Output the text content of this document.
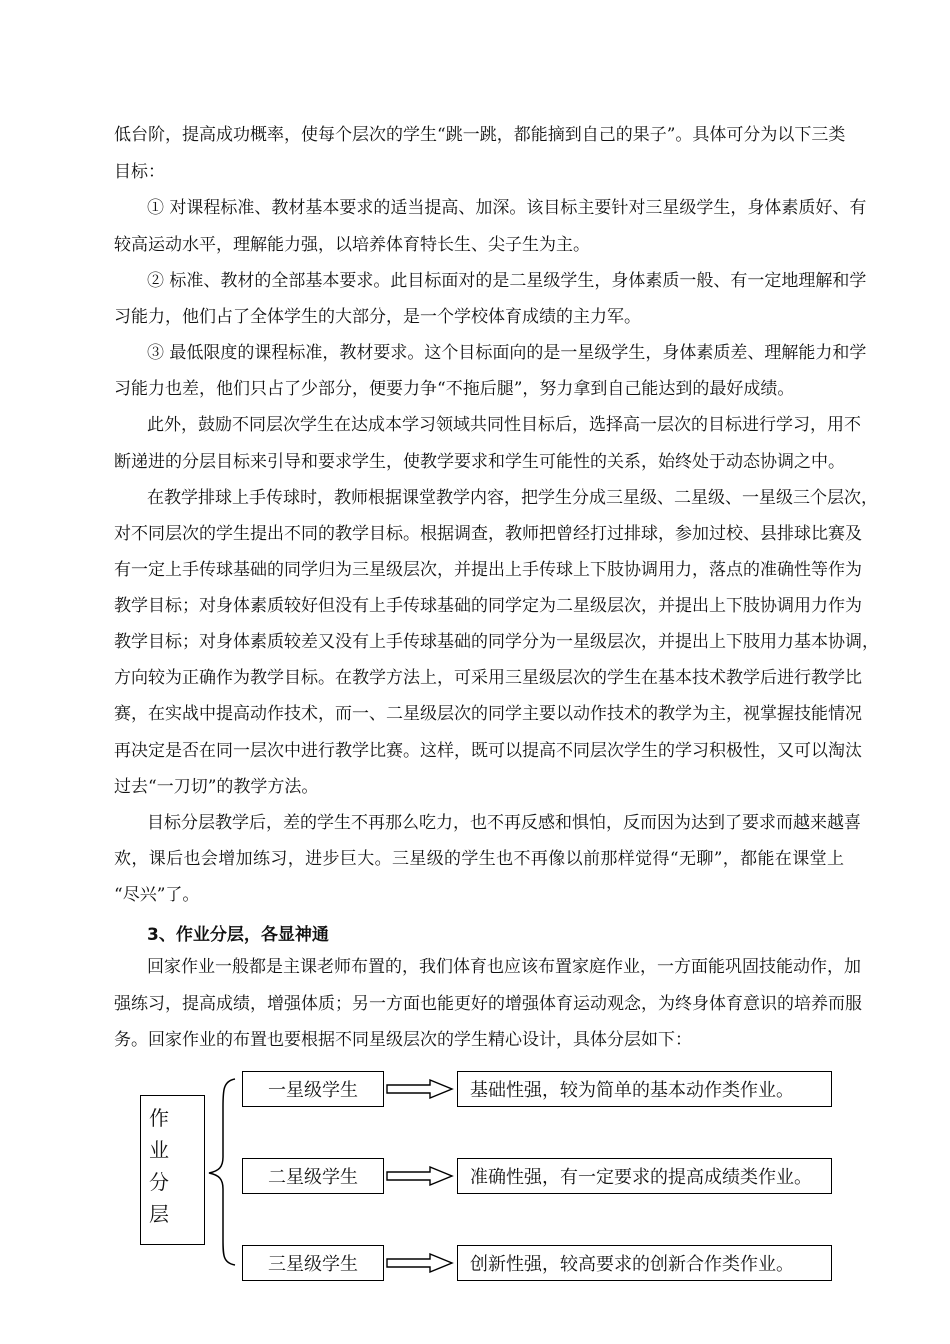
低台阶，提高成功概率，使每个层次的学生“跳一跳，都能摘到自己的果子”。具体可分为以下三类
目标：
① 对课程标准、教材基本要求的适当提高、加深。该目标主要针对三星级学生，身体素质好、有
较高运动水平，理解能力强，以培养体育特长生、尖子生为主。
② 标准、教材的全部基本要求。此目标面对的是二星级学生，身体素质一般、有一定地理解和学
习能力，他们占了全体学生的大部分，是一个学校体育成绩的主力军。
③ 最低限度的课程标准，教材要求。这个目标面向的是一星级学生，身体素质差、理解能力和学
习能力也差，他们只占了少部分，便要力争“不拖后腿”，努力拿到自己能达到的最好成绩。
此外，鼓励不同层次学生在达成本学习领域共同性目标后，选择高一层次的目标进行学习，用不
断递进的分层目标来引导和要求学生，使教学要求和学生可能性的关系，始终处于动态协调之中。
在教学排球上手传球时，教师根据课堂教学内容，把学生分成三星级、二星级、一星级三个层次，
对不同层次的学生提出不同的教学目标。根据调查，教师把曾经打过排球，参加过校、县排球比赛及
有一定上手传球基础的同学归为三星级层次，并提出上手传球上下肢协调用力，落点的准确性等作为
教学目标；对身体素质较好但没有上手传球基础的同学定为二星级层次，并提出上下肢协调用力作为
教学目标；对身体素质较差又没有上手传球基础的同学分为一星级层次，并提出上下肢用力基本协调，
方向较为正确作为教学目标。在教学方法上，可采用三星级层次的学生在基本技术教学后进行教学比
赛，在实战中提高动作技术，而一、二星级层次的同学主要以动作技术的教学为主，视掌握技能情况
再决定是否在同一层次中进行教学比赛。这样，既可以提高不同层次学生的学习积极性，又可以淘汰
过去“一刀切”的教学方法。
目标分层教学后，差的学生不再那么吃力，也不再反感和惧怕，反而因为达到了要求而越来越喜
欢，课后也会增加练习，进步巨大。三星级的学生也不再像以前那样觉得“无聊”，都能在课堂上
“尽兴”了。
3、作业分层，各显神通
回家作业一般都是主课老师布置的，我们体育也应该布置家庭作业，一方面能巩固技能动作，加
强练习，提高成绩，增强体质；另一方面也能更好的增强体育运动观念，为终身体育意识的培养而服
务。回家作业的布置也要根据不同星级层次的学生精心设计，具体分层如下：
作
业
分
层
一星级学生	基础性强，较为简单的基本动作类作业。
二星级学生	准确性强，有一定要求的提高成绩类作业。
三星级学生	创新性强，较高要求的创新合作类作业。
